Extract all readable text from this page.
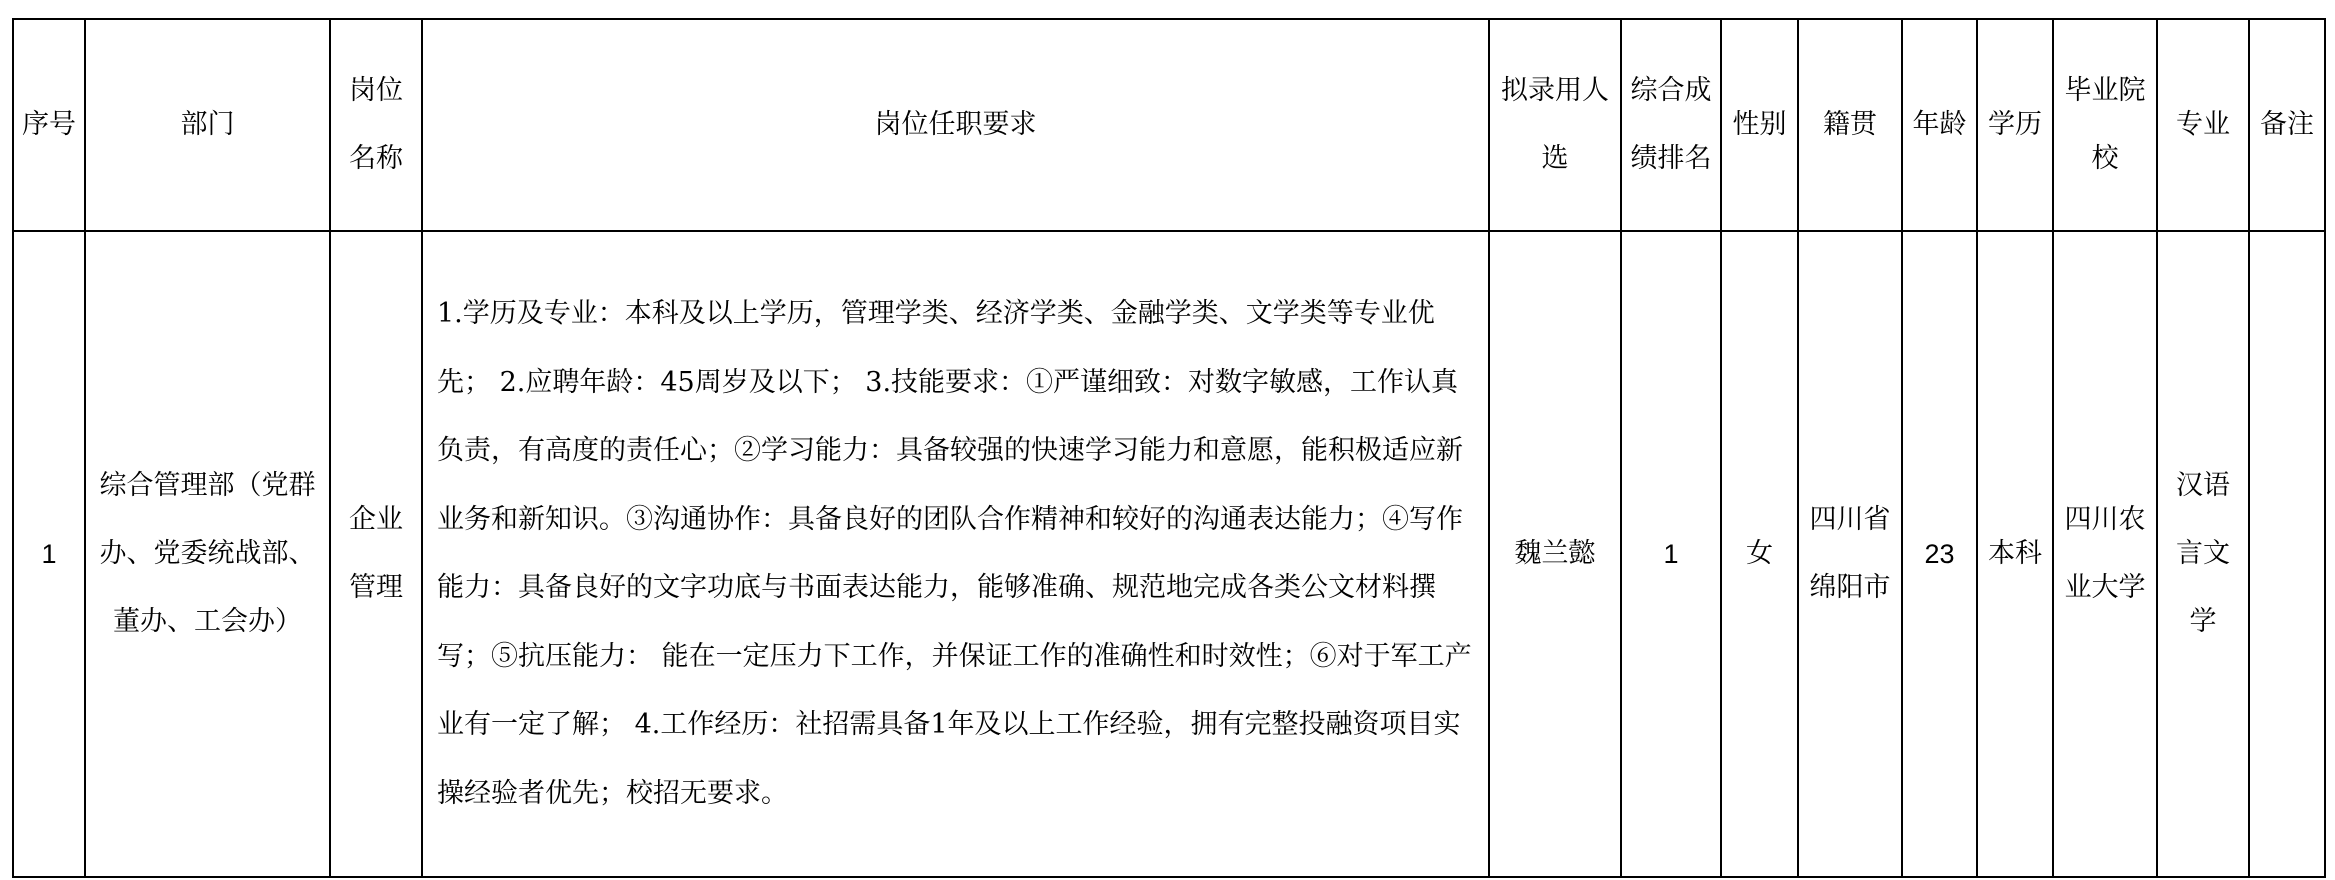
序号	部门	岗位名称	岗位任职要求	拟录用人选	综合成绩排名	性别	籍贯	年龄	学历	毕业院校	专业	备注
1	综合管理部（党群办、党委统战部、董办、工会办）	企业管理	1.学历及专业：本科及以上学历，管理学类、经济学类、金融学类、文学类等专业优先； 2.应聘年龄：45周岁及以下； 3.技能要求：①严谨细致：对数字敏感，工作认真负责，有高度的责任心；②学习能力：具备较强的快速学习能力和意愿，能积极适应新业务和新知识。③沟通协作：具备良好的团队合作精神和较好的沟通表达能力；④写作能力：具备良好的文字功底与书面表达能力，能够准确、规范地完成各类公文材料撰写；⑤抗压能力： 能在一定压力下工作，并保证工作的准确性和时效性；⑥对于军工产业有一定了解； 4.工作经历：社招需具备1年及以上工作经验，拥有完整投融资项目实操经验者优先；校招无要求。	魏兰懿	1	女	四川省绵阳市	23	本科	四川农业大学	汉语言文学	
